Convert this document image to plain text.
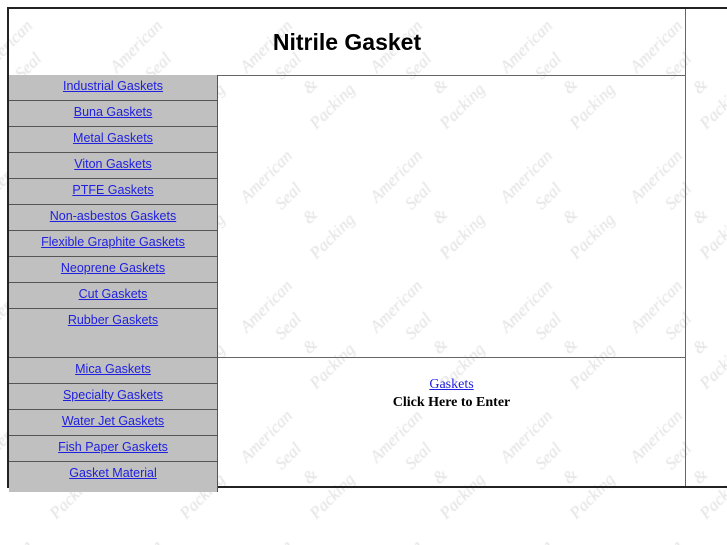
Nitrile Gasket
Industrial Gaskets
Buna Gaskets
Metal Gaskets
Viton Gaskets
PTFE Gaskets
Non-asbestos Gaskets
Flexible Graphite Gaskets
Neoprene Gaskets
Cut Gaskets
Rubber Gaskets
Mica Gaskets
Specialty Gaskets
Water Jet Gaskets
Fish Paper Gaskets
Gasket Material
Gaskets
Click Here to Enter
